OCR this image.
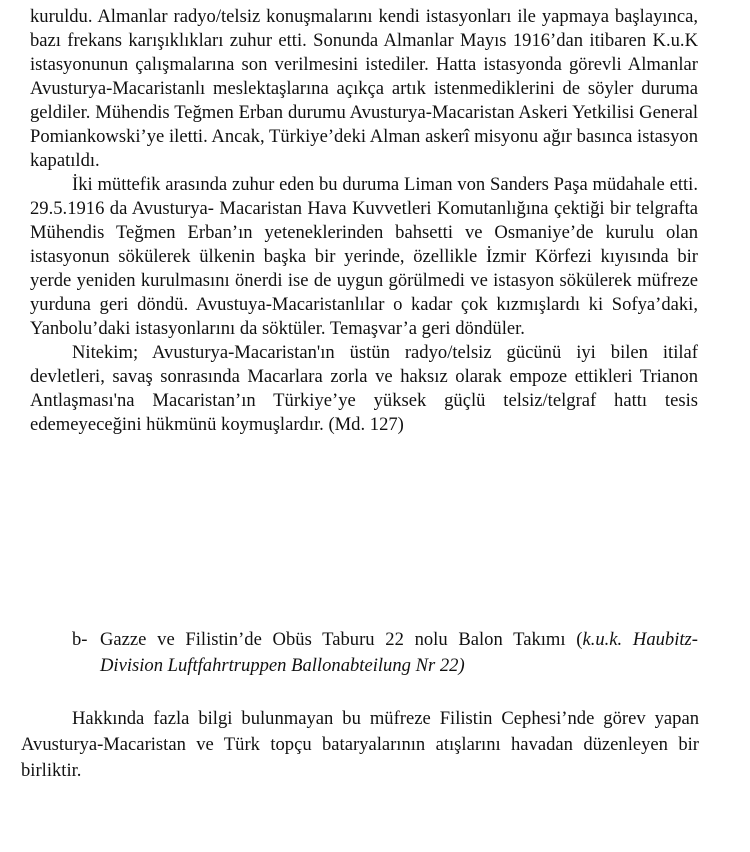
kuruldu. Almanlar radyo/telsiz konuşmalarını kendi istasyonları ile yapmaya başlayınca, bazı frekans karışıklıkları zuhur etti. Sonunda Almanlar Mayıs 1916’dan itibaren K.u.K istasyonunun çalışmalarına son verilmesini istediler. Hatta istasyonda görevli Almanlar Avusturya-Macaristanlı meslektaşlarına açıkça artık istenmediklerini de söyler duruma geldiler. Mühendis Teğmen Erban durumu Avusturya-Macaristan Askeri Yetkilisi General Pomiankowski’ye iletti. Ancak, Türkiye’deki Alman askerî misyonu ağır basınca istasyon kapatıldı.

İki müttefik arasında zuhur eden bu duruma Liman von Sanders Paşa müdahale etti. 29.5.1916 da Avusturya- Macaristan Hava Kuvvetleri Komutanlığına çektiği bir telgrafta Mühendis Teğmen Erban’ın yeteneklerinden bahsetti ve Osmaniye’de kurulu olan istasyonun sökülerek ülkenin başka bir yerinde, özellikle İzmir Körfezi kıyısında bir yerde yeniden kurulmasını önerdi ise de uygun görülmedi ve istasyon sökülerek müfreze yurduna geri döndü. Avustuya-Macaristanlılar o kadar çok kızmışlardı ki Sofya’daki, Yanbolu’daki istasyonlarını da söktüler. Temaşvar’a geri döndüler.

Nitekim; Avusturya-Macaristan'ın üstün radyo/telsiz gücünü iyi bilen itilaf devletleri, savaş sonrasında Macarlara zorla ve haksız olarak empoze ettikleri Trianon Antlaşması'na Macaristan’ın Türkiye’ye yüksek güçlü telsiz/telgraf hattı tesis edemeyeceğini hükmünü koymuşlardır. (Md. 127)

b- Gazze ve Filistin’de Obüs Taburu 22 nolu Balon Takımı (k.u.k. Haubitz-Division Luftfahrtruppen Ballonabteilung Nr 22)

Hakkında fazla bilgi bulunmayan bu müfreze Filistin Cephesi’nde görev yapan Avusturya-Macaristan ve Türk topçu bataryalarının atışlarını havadan düzenleyen bir birliktir.
